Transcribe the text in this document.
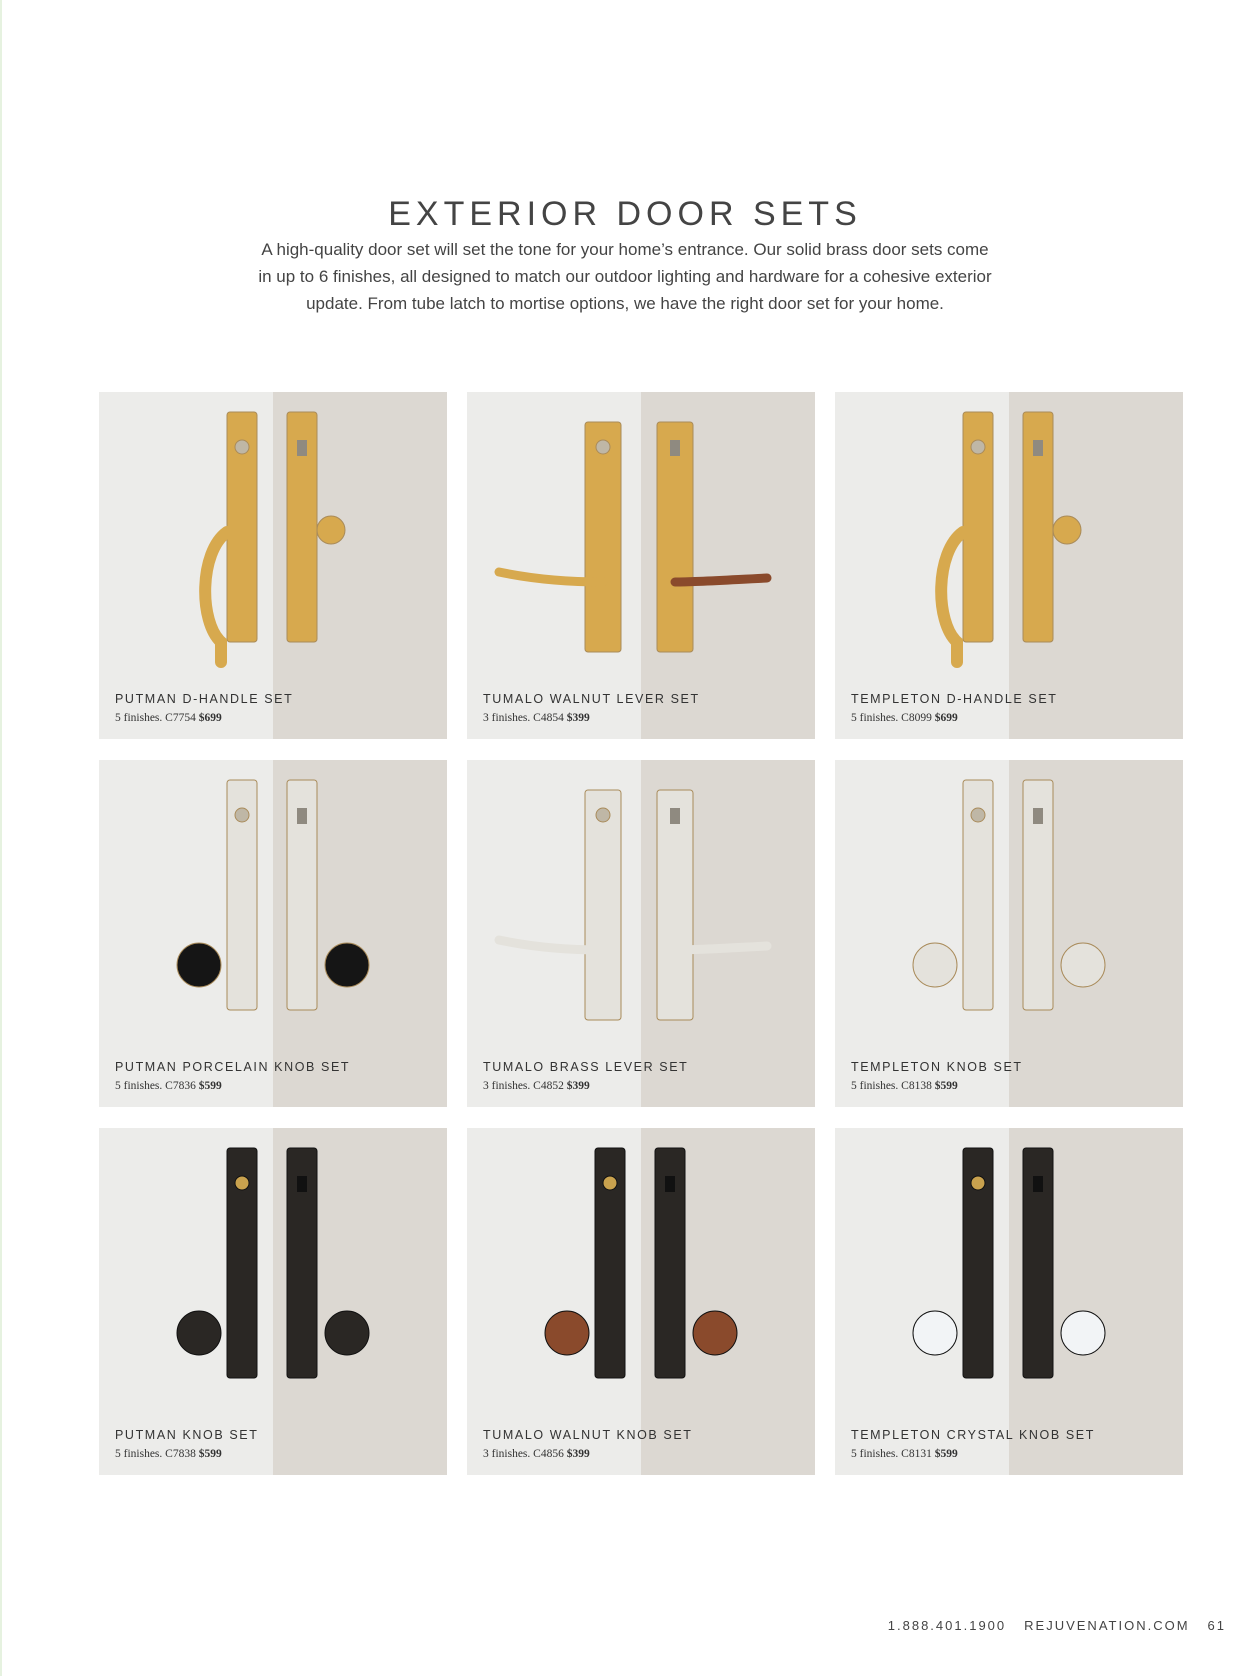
EXTERIOR DOOR SETS

A high-quality door set will set the tone for your home’s entrance. Our solid brass door sets come

in up to 6 finishes, all designed to match our outdoor lighting and hardware for a cohesive exterior

update. From tube latch to mortise options, we have the right door set for your home.

PUTMAN D-HANDLE SET
5 finishes. C7754 $699
TUMALO WALNUT LEVER SET
3 finishes. C4854 $399
TEMPLETON D-HANDLE SET
5 finishes. C8099 $699
PUTMAN PORCELAIN KNOB SET
5 finishes. C7836 $599
TUMALO BRASS LEVER SET
3 finishes. C4852 $399
TEMPLETON KNOB SET
5 finishes. C8138 $599
PUTMAN KNOB SET
5 finishes. C7838 $599
TUMALO WALNUT KNOB SET
3 finishes. C4856 $399
TEMPLETON CRYSTAL KNOB SET
5 finishes. C8131 $599
1.888.401.1900 REJUVENATION.COM 61
